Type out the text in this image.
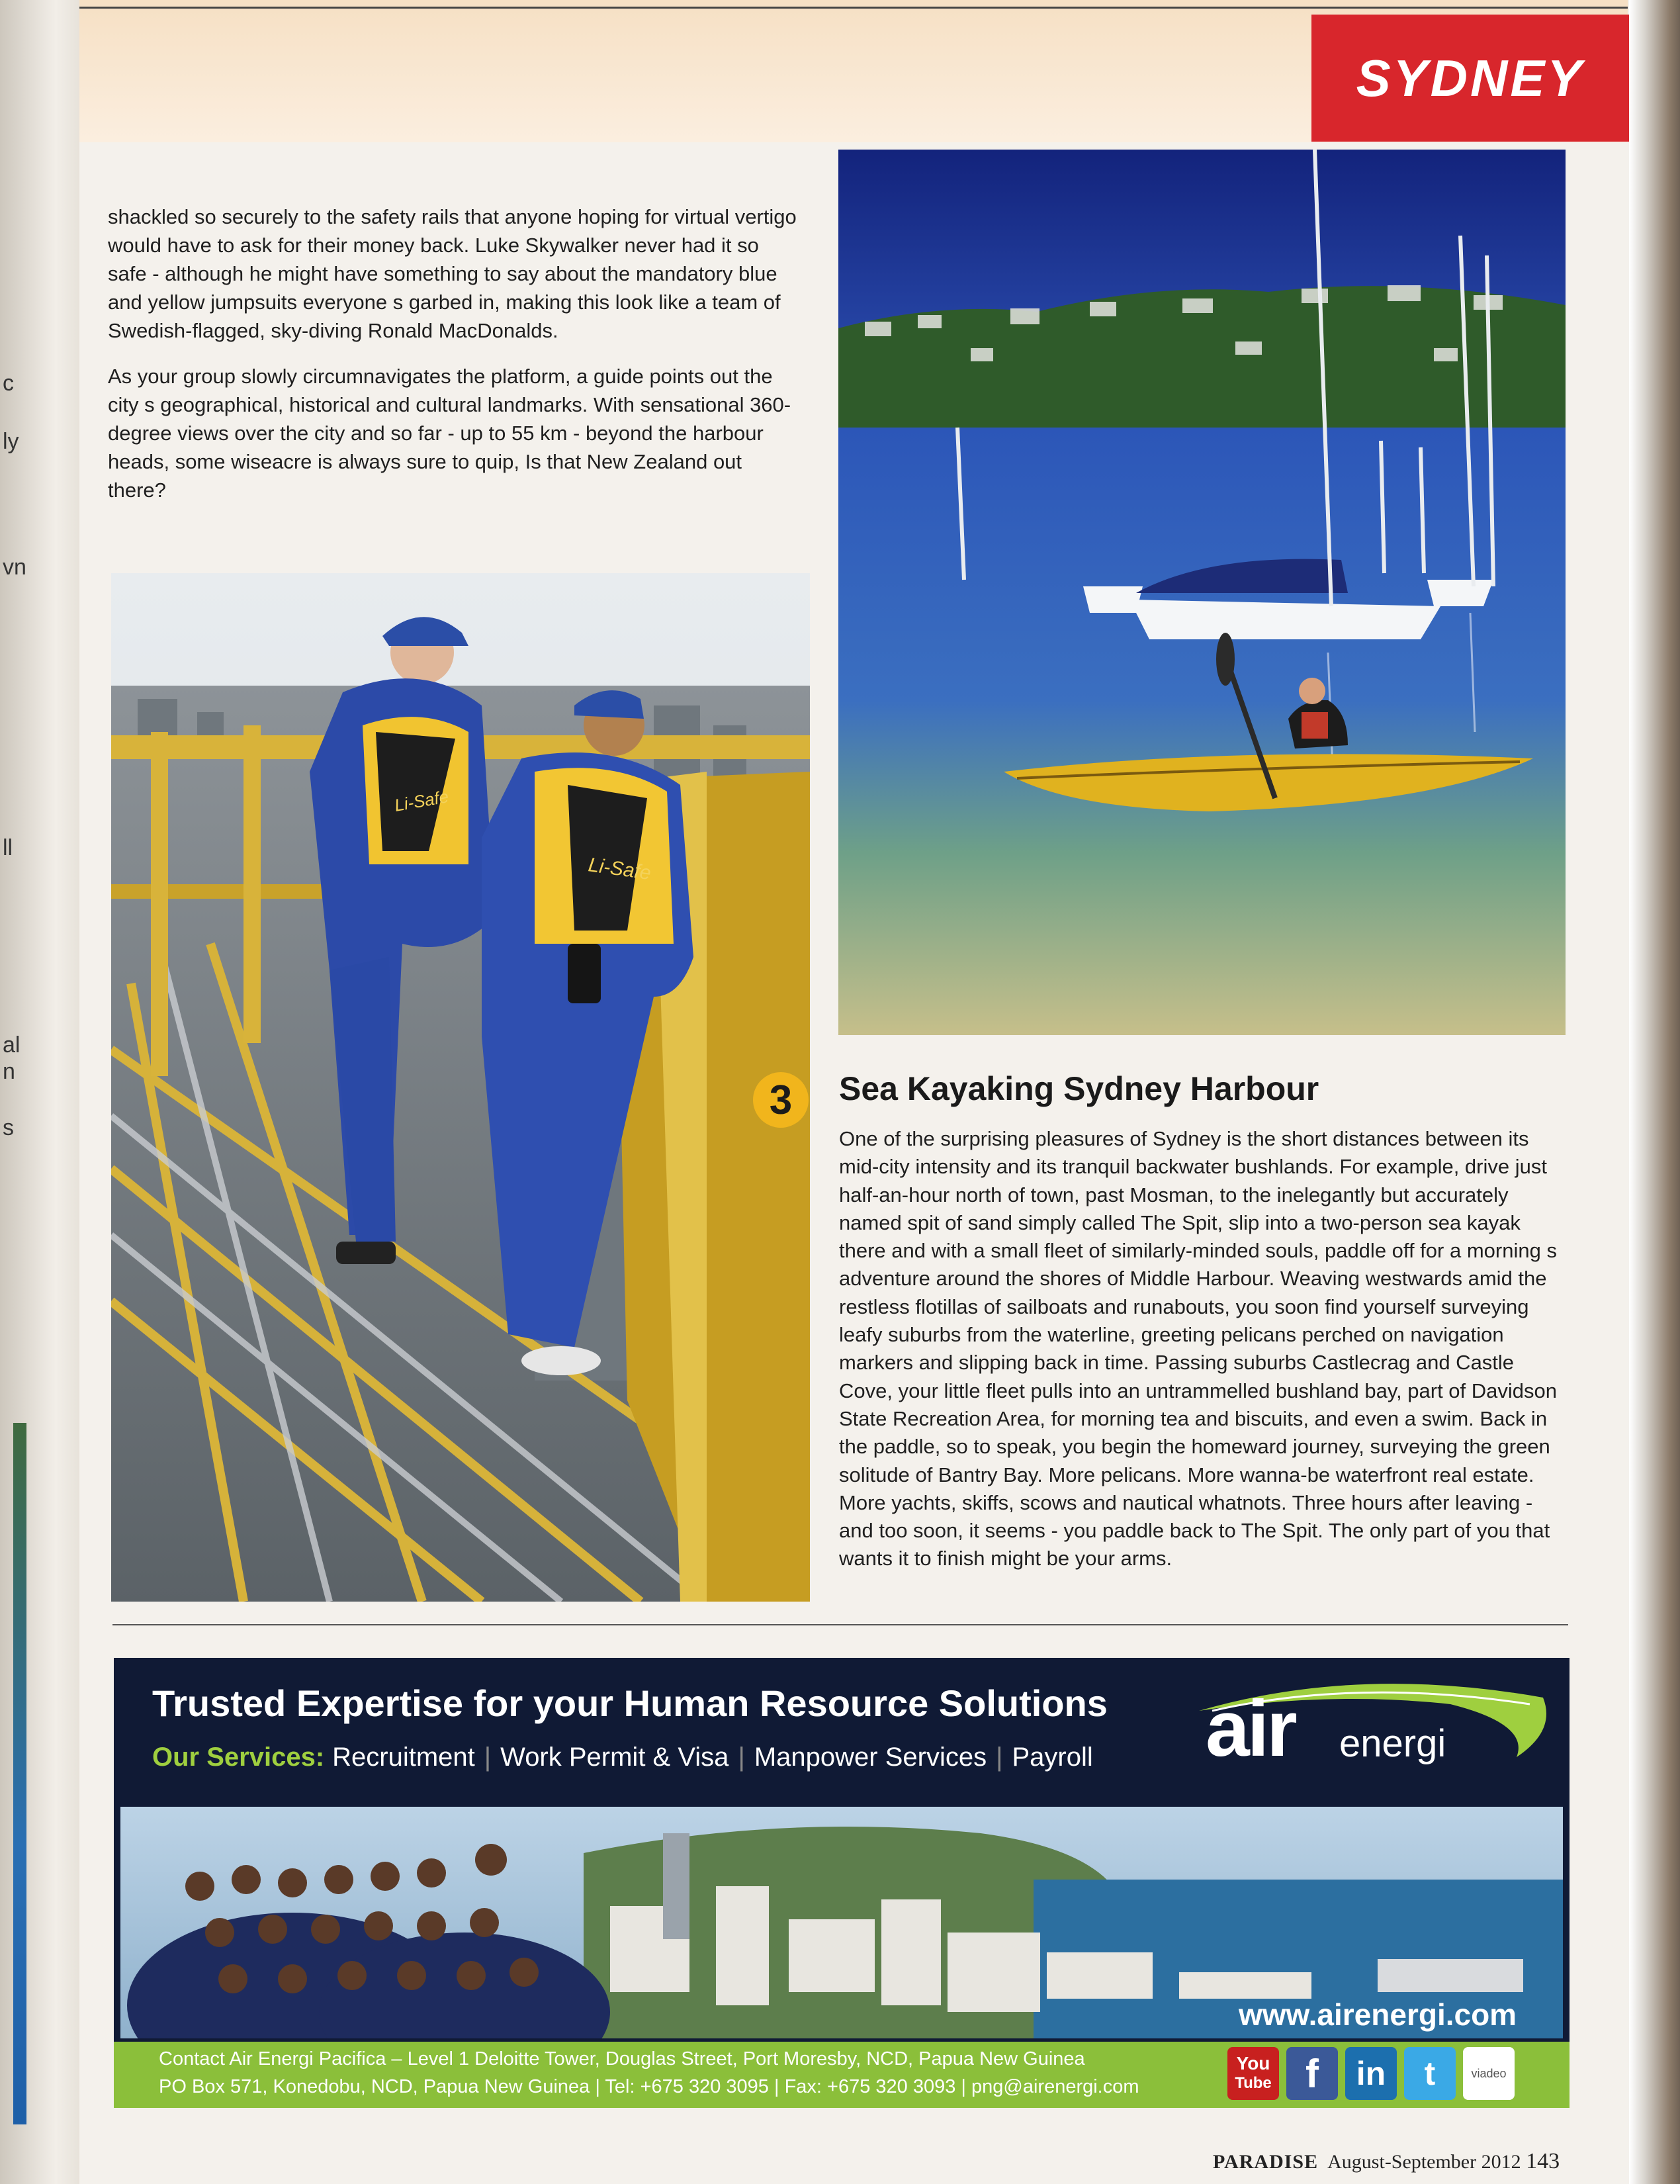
SYDNEY
c
ly
vn
ll
al
n
s

shackled so securely to the safety rails that anyone hoping for virtual vertigo would have to ask for their money back. Luke Skywalker never had it so safe - although he might have something to say about the mandatory blue and yellow jumpsuits everyone s garbed in, making this look like a team of Swedish-flagged, sky-diving Ronald MacDonalds.

As your group slowly circumnavigates the platform, a guide points out the city s geographical, historical and cultural landmarks. With sensational 360-degree views over the city and so far - up to 55 km - beyond the harbour heads, some wiseacre is always sure to quip, Is that New Zealand out there?

Li-Safe
Li-Safe
3	Sea Kayaking Sydney Harbour
One of the surprising pleasures of Sydney is the short distances between its mid-city intensity and its tranquil backwater bushlands. For example, drive just half-an-hour north of town, past Mosman, to the inelegantly but accurately named spit of sand simply called The Spit, slip into a two-person sea kayak there and with a small fleet of similarly-minded souls, paddle off for a morning s adventure around the shores of Middle Harbour. Weaving westwards amid the restless flotillas of sailboats and runabouts, you soon find yourself surveying leafy suburbs from the waterline, greeting pelicans perched on navigation markers and slipping back in time. Passing suburbs Castlecrag and Castle Cove, your little fleet pulls into an untrammelled bushland bay, part of Davidson State Recreation Area, for morning tea and biscuits, and even a swim. Back in the paddle, so to speak, you begin the homeward journey, surveying the green solitude of Bantry Bay. More pelicans. More wanna-be waterfront real estate. More yachts, skiffs, scows and nautical whatnots. Three hours after leaving - and too soon, it seems - you paddle back to The Spit. The only part of you that wants it to finish might be your arms.
Trusted Expertise for your Human Resource Solutions
Our Services: Recruitment | Work Permit & Visa | Manpower Services | Payroll air energi
www.airenergi.com
Contact Air Energi Pacifica – Level 1 Deloitte Tower, Douglas Street, Port Moresby, NCD, Papua New Guinea
PO Box 571, Konedobu, NCD, Papua New Guinea | Tel: +675 320 3095 | Fax: +675 320 3093 | png@airenergi.com
You
Tube f	in	t	viadeo
PARADISE August-September 2012 143
